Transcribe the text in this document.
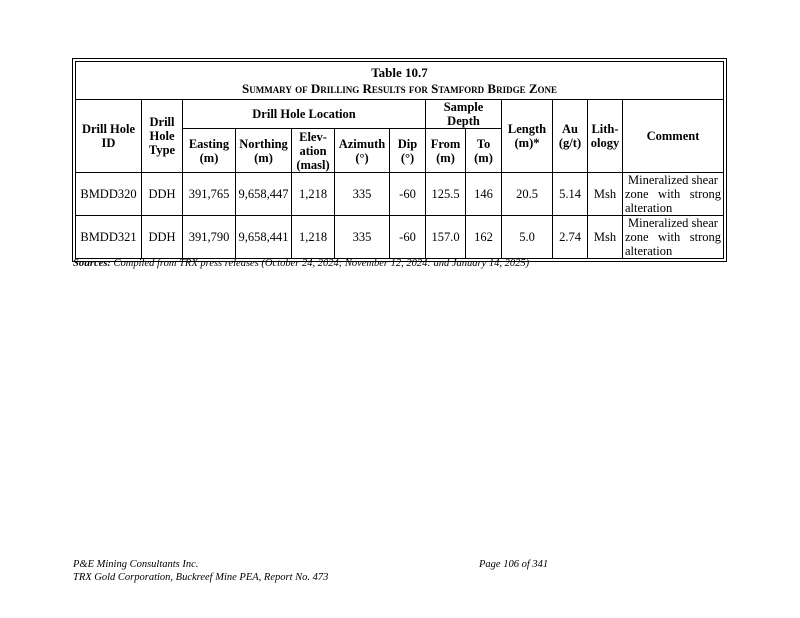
Table 10.7
Summary of Drilling Results for Stamford Bridge Zone												

Drill Hole ID	Drill Hole Type	Drill Hole Location					Sample Depth		Length (m)*	Au (g/t)	Lith- ology	Comment
		Easting (m)	Northing (m)	Elev- ation (masl)	Azimuth (°)	Dip (°)	From (m)	To (m)				
BMDD320	DDH	391,765	9,658,447	1,218	335	-60	125.5	146	20.5	5.14	Msh	Mineralized shear zone with strong
alteration

BMDD321	DDH	391,790	9,658,441	1,218	335	-60	157.0	162	5.0	2.74	Msh	Mineralized shear zone with strong
alteration
Sources: Compiled from TRX press releases (October 24, 2024; November 12, 2024: and January 14, 2025)
P&E Mining Consultants Inc.
TRX Gold Corporation, Buckreef Mine PEA, Report No. 473
Page 106 of 341
